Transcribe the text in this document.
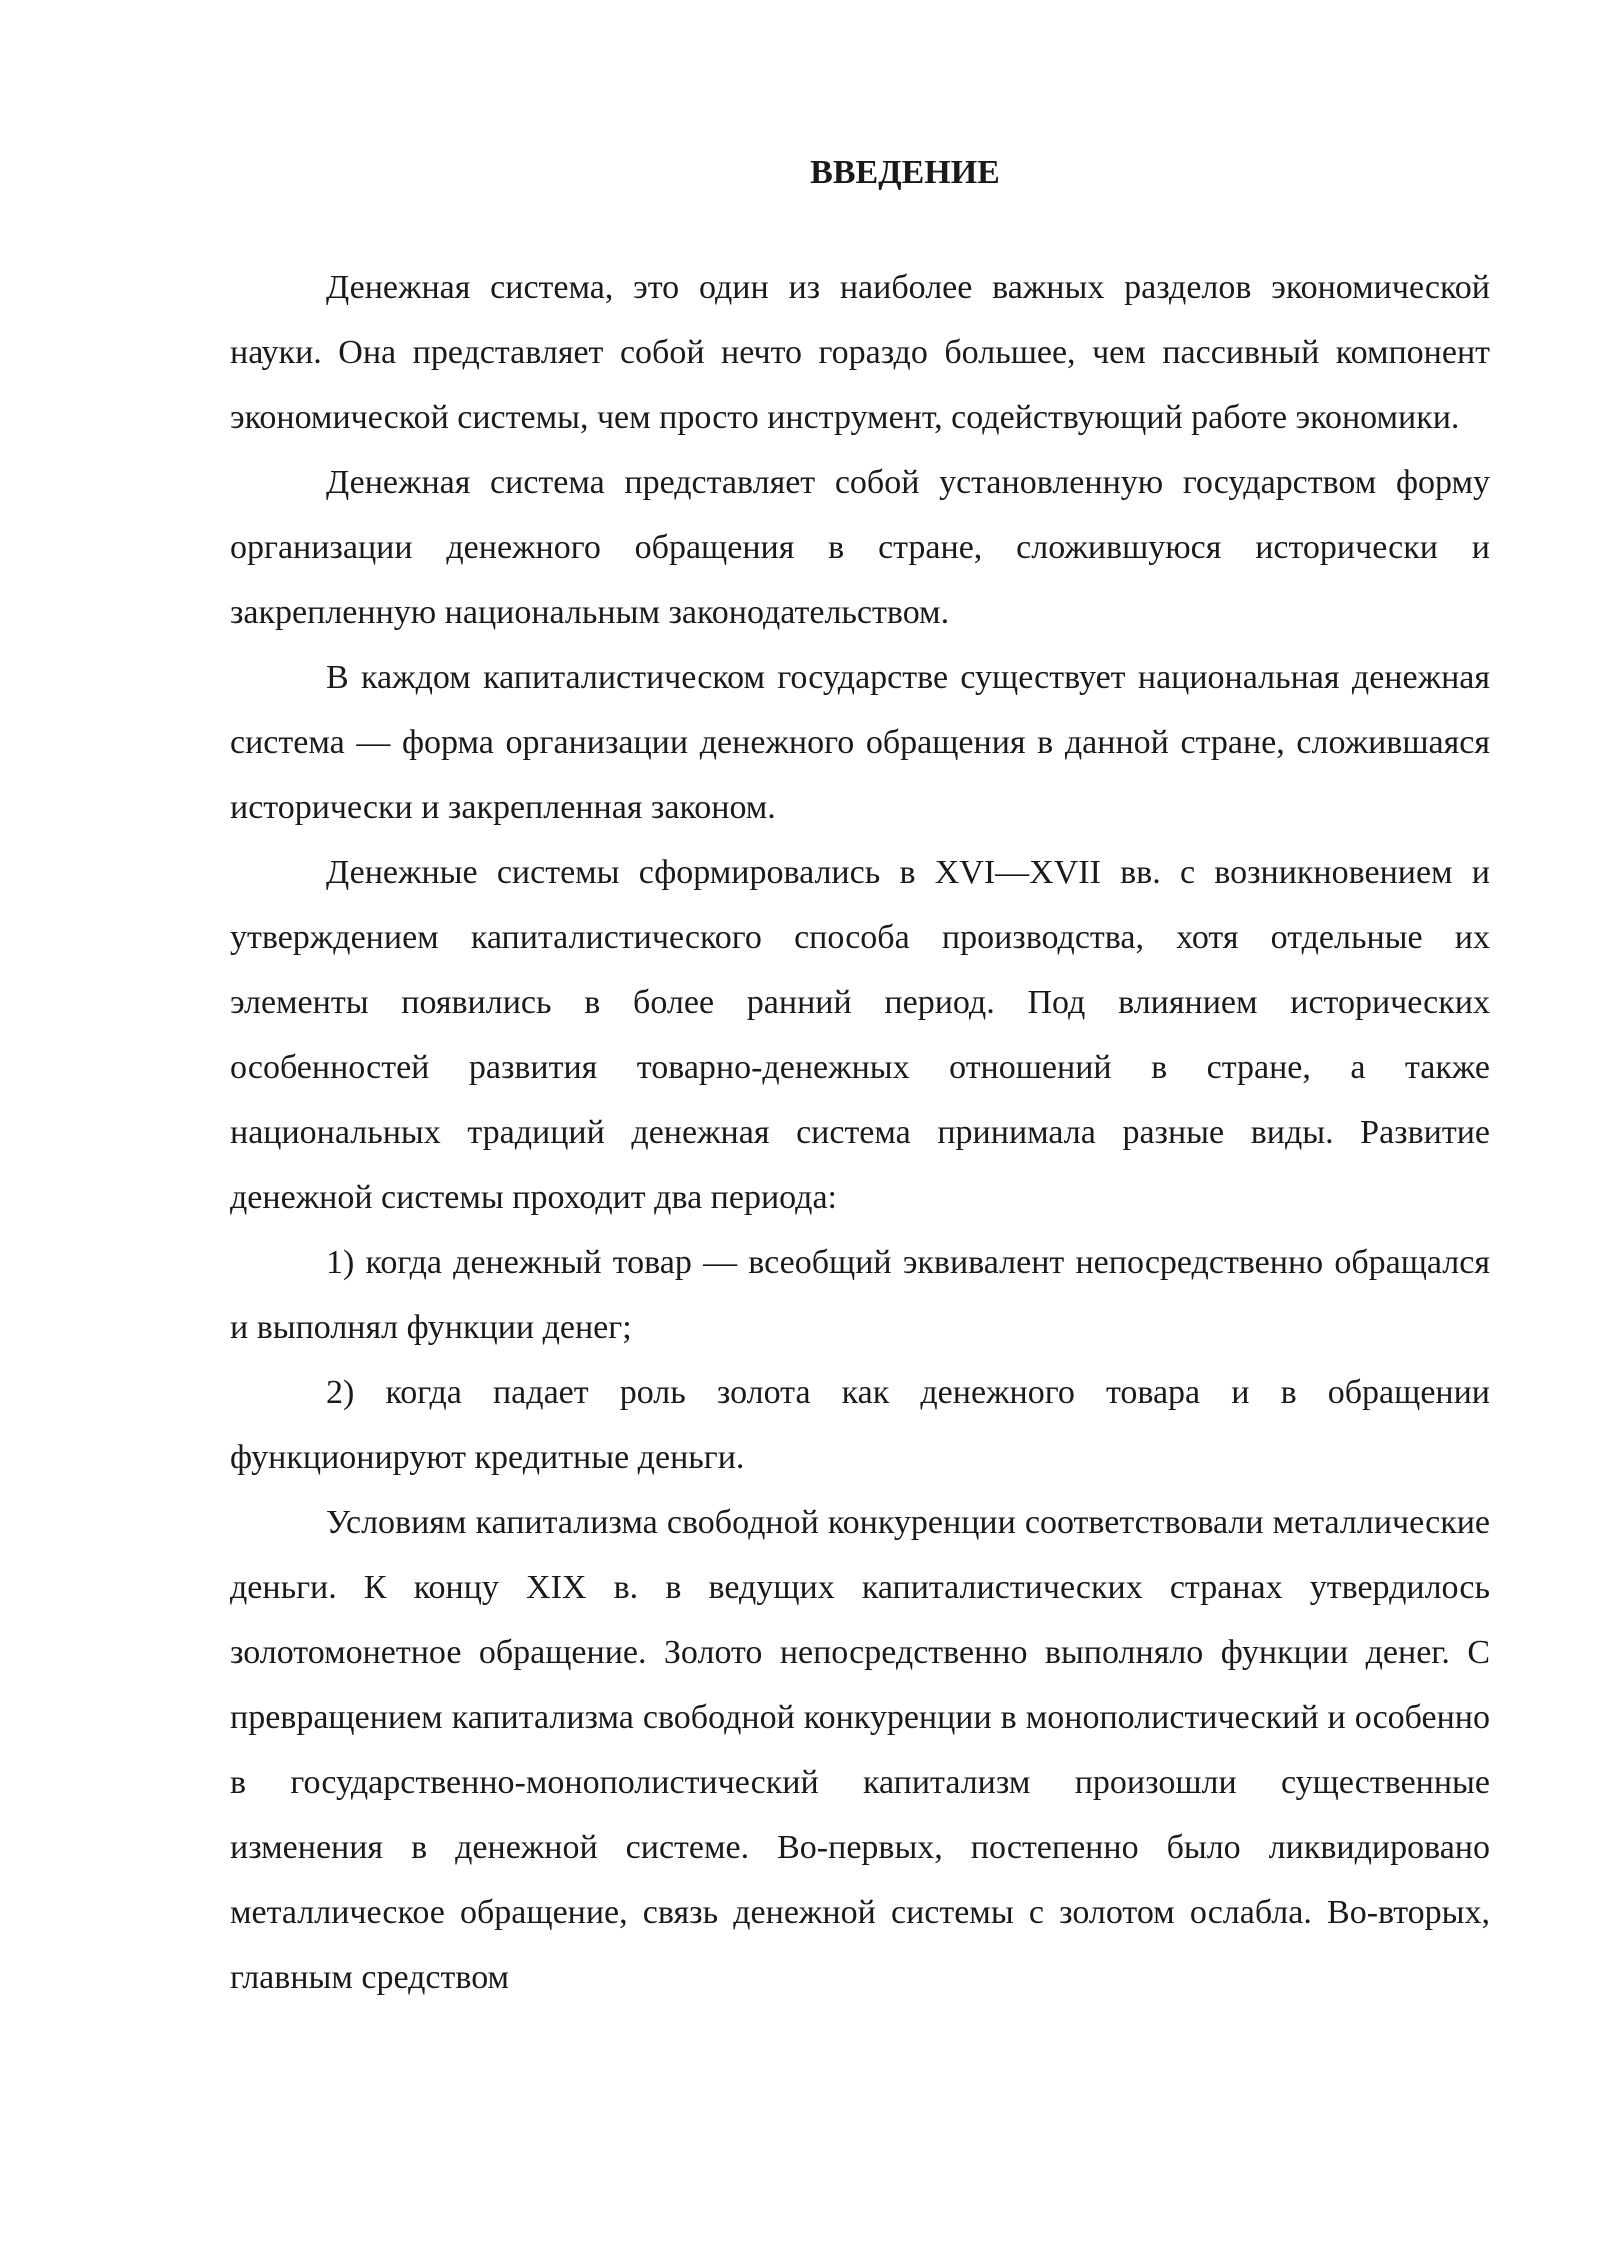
ВВЕДЕНИЕ

Денежная система, это один из наиболее важных разделов экономической науки. Она представляет собой нечто гораздо большее, чем пассивный компонент экономической системы, чем просто инструмент, содействующий работе экономики.

Денежная система представляет собой установленную государством форму организации денежного обращения в стране, сложившуюся исторически и закрепленную национальным законодательством.

В каждом капиталистическом государстве существует национальная денежная система — форма организации денежного обращения в данной стране, сложившаяся исторически и закрепленная законом.

Денежные системы сформировались в XVI—XVII вв. с возникновением и утверждением капиталистического способа производства, хотя отдельные их элементы появились в более ранний период. Под влиянием исторических особенностей развития товарно-денежных отношений в стране, а также национальных традиций денежная система принимала разные виды. Развитие денежной системы проходит два периода:

1) когда денежный товар — всеобщий эквивалент непосредственно обращался и выполнял функции денег;

2) когда падает роль золота как денежного товара и в обращении функционируют кредитные деньги.

Условиям капитализма свободной конкуренции соответствовали металлические деньги. К концу XIX в. в ведущих капиталистических странах утвердилось золотомонетное обращение. Золото непосредственно выполняло функции денег. С превращением капитализма свободной конкуренции в монополистический и особенно в государственно-монополистический капитализм произошли существенные изменения в денежной системе. Во-первых, постепенно было ликвидировано металлическое обращение, связь денежной системы с золотом ослабла. Во-вторых, главным средством
